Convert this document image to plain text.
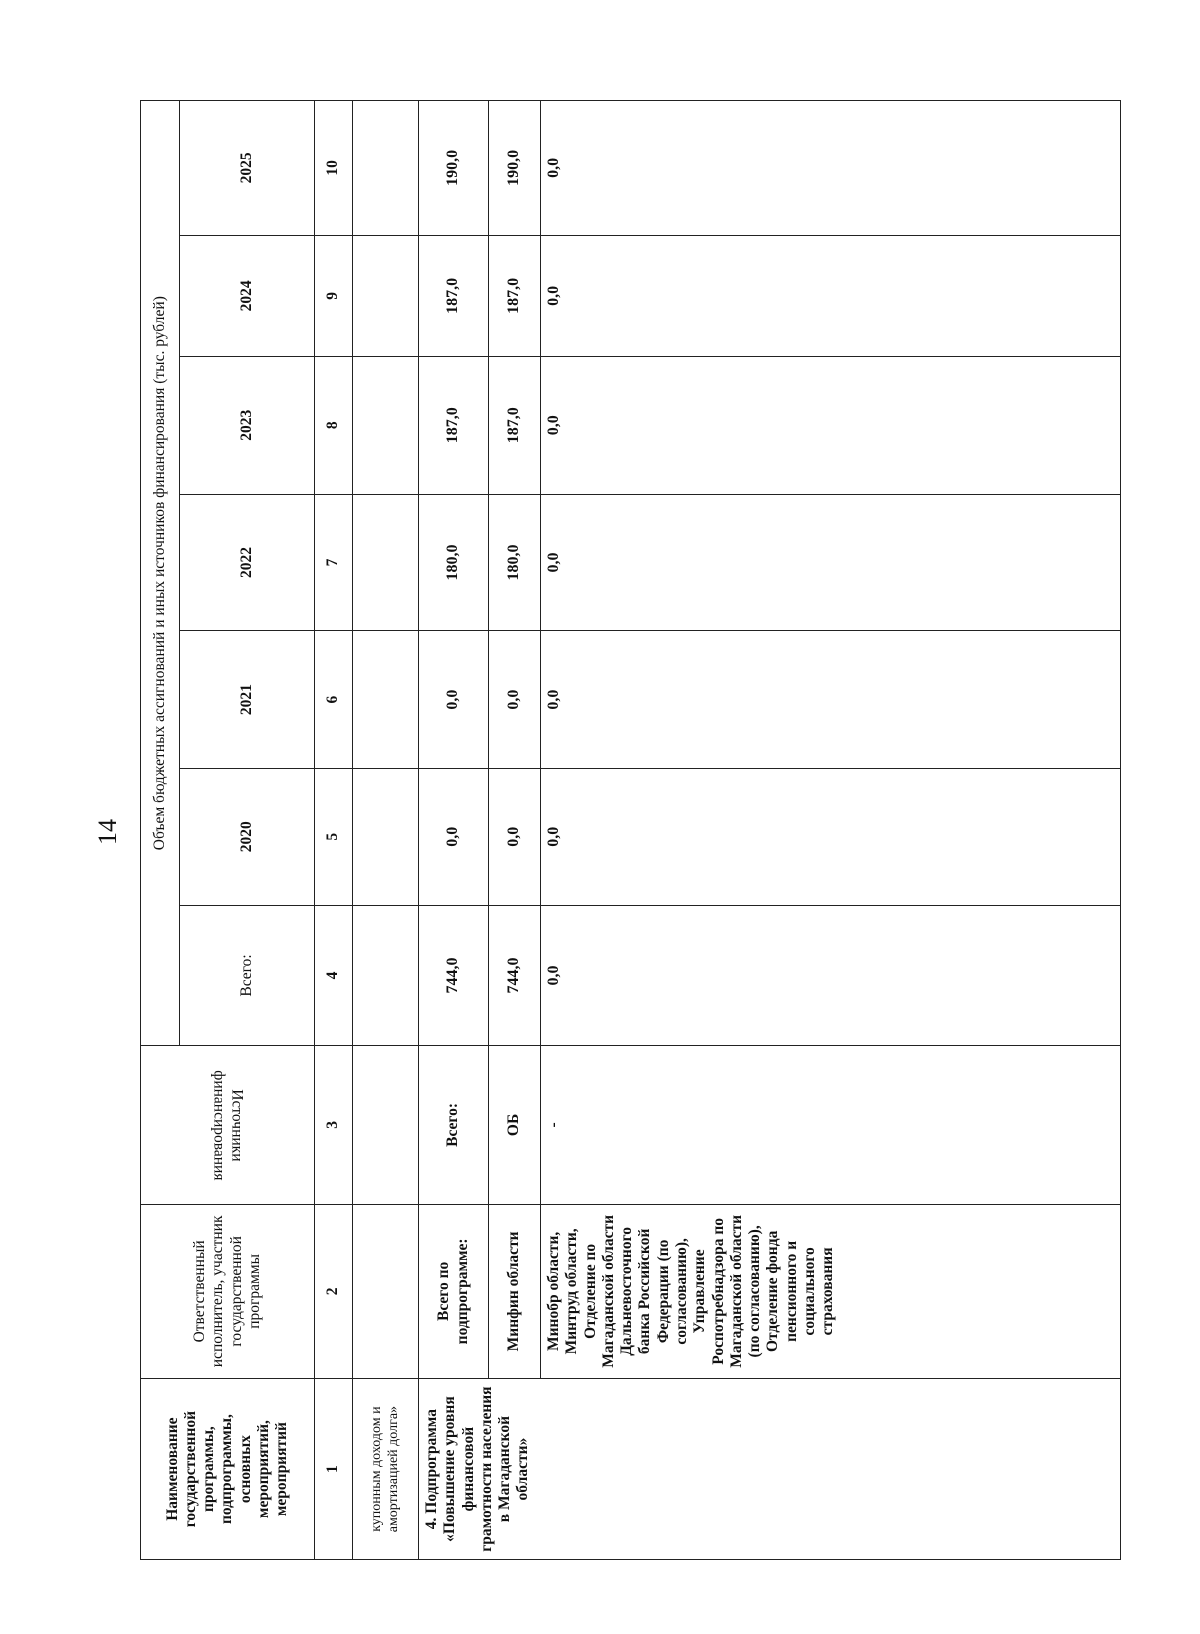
14
Наименование государственной программы, подпрограммы, основных мероприятий, мероприятий	Ответственный исполнитель, участник государственной программы	Источники финансирования	Объем бюджетных ассигнований и иных источников финансирования (тыс. рублей)						
			Всего:	2020	2021	2022	2023	2024	2025
1	2	3	4	5	6	7	8	9	10
купонным доходом и амортизацией долга»									
4. Подпрограмма «Повышение уровня финансовой грамотности населения в Магаданской области»	Всего по подпрограмме:	Всего:	744,0	0,0	0,0	180,0	187,0	187,0	190,0
	Минфин области	ОБ	744,0	0,0	0,0	180,0	187,0	187,0	190,0
	Минобр области, Минтруд области, Отделение по Магаданской области Дальневосточного банка Российской Федерации (по согласованию), Управление Роспотребнадзора по Магаданской области (по согласованию), Отделение фонда пенсионного и социального страхования	-	0,0	0,0	0,0	0,0	0,0	0,0	0,0
